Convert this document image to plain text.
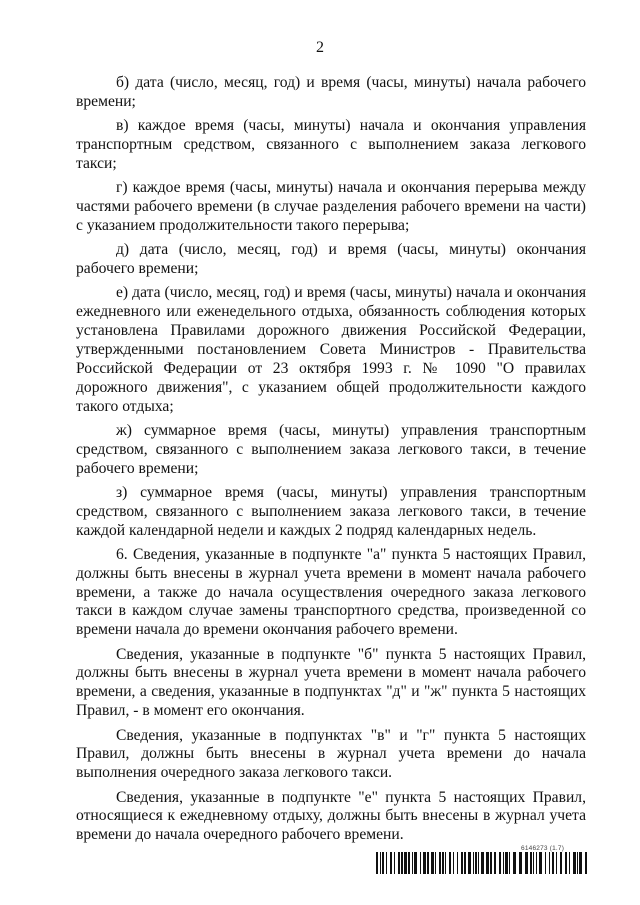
2

б) дата (число, месяц, год) и время (часы, минуты) начала рабочего времени;

в) каждое время (часы, минуты) начала и окончания управления транспортным средством, связанного с выполнением заказа легкового такси;

г) каждое время (часы, минуты) начала и окончания перерыва между частями рабочего времени (в случае разделения рабочего времени на части) с указанием продолжительности такого перерыва;

д) дата (число, месяц, год) и время (часы, минуты) окончания рабочего времени;

е) дата (число, месяц, год) и время (часы, минуты) начала и окончания ежедневного или еженедельного отдыха, обязанность соблюдения которых установлена Правилами дорожного движения Российской Федерации, утвержденными постановлением Совета Министров - Правительства Российской Федерации от 23 октября 1993 г. № 1090 "О правилах дорожного движения", с указанием общей продолжительности каждого такого отдыха;

ж) суммарное время (часы, минуты) управления транспортным средством, связанного с выполнением заказа легкового такси, в течение рабочего времени;

з) суммарное время (часы, минуты) управления транспортным средством, связанного с выполнением заказа легкового такси, в течение каждой календарной недели и каждых 2 подряд календарных недель.

6. Сведения, указанные в подпункте "а" пункта 5 настоящих Правил, должны быть внесены в журнал учета времени в момент начала рабочего времени, а также до начала осуществления очередного заказа легкового такси в каждом случае замены транспортного средства, произведенной со времени начала до времени окончания рабочего времени.

Сведения, указанные в подпункте "б" пункта 5 настоящих Правил, должны быть внесены в журнал учета времени в момент начала рабочего времени, а сведения, указанные в подпунктах "д" и "ж" пункта 5 настоящих Правил, - в момент его окончания.

Сведения, указанные в подпунктах "в" и "г" пункта 5 настоящих Правил, должны быть внесены в журнал учета времени до начала выполнения очередного заказа легкового такси.

Сведения, указанные в подпункте "е" пункта 5 настоящих Правил, относящиеся к ежедневному отдыху, должны быть внесены в журнал учета времени до начала очередного рабочего времени.

6146273 (1.7)
